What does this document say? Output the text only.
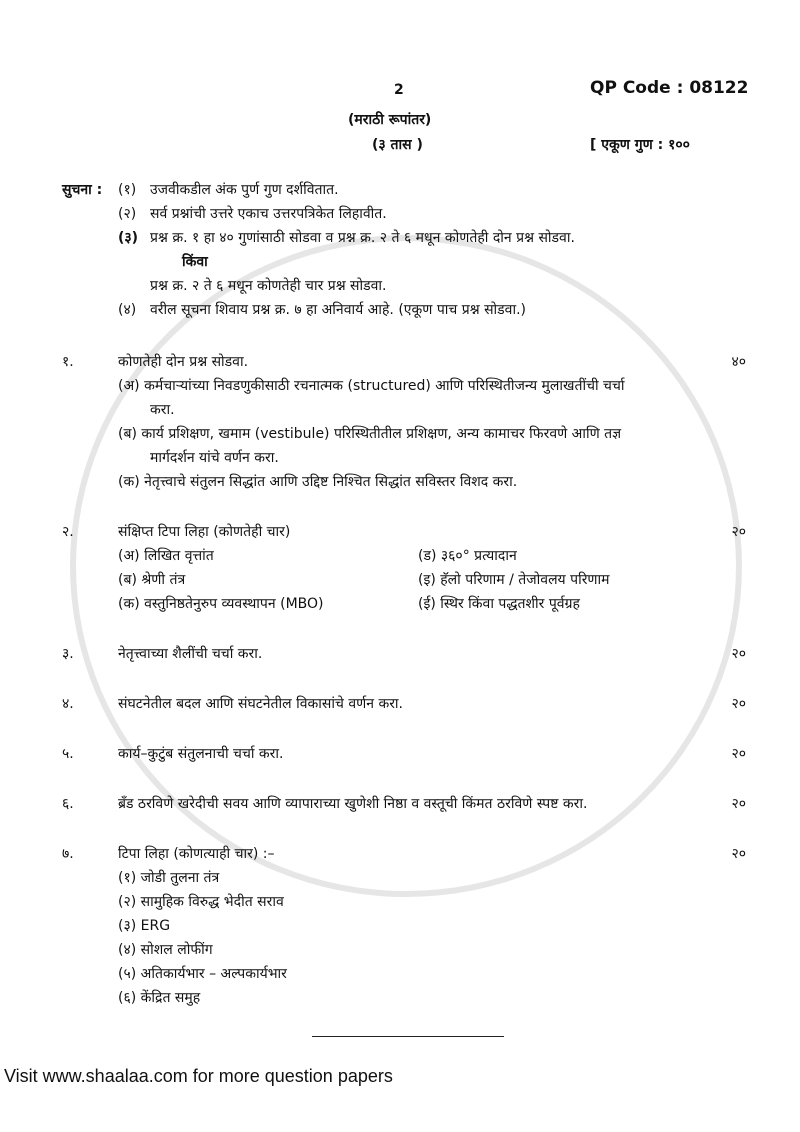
2	QP Code : 08122
(मराठी रूपांतर)
(३ तास )	[ एकूण गुण : १००
सुचना :	(१) उजवीकडील अंक पुर्ण गुण दर्शवितात.
(२) सर्व प्रश्नांची उत्तरे एकाच उत्तरपत्रिकेत लिहावीत.
(३) प्रश्न क्र. १ हा ४० गुणांसाठी सोडवा व प्रश्न क्र. २ ते ६ मधून कोणतेही दोन प्रश्न सोडवा.
किंवा
प्रश्न क्र. २ ते ६ मधून कोणतेही चार प्रश्न सोडवा.
(४) वरील सूचना शिवाय प्रश्न क्र. ७ हा अनिवार्य आहे. (एकूण पाच प्रश्न सोडवा.)
१.	कोणतेही दोन प्रश्न सोडवा.	४०
(अ) कर्मचाऱ्यांच्या निवडणुकीसाठी रचनात्मक (structured) आणि परिस्थितीजन्य मुलाखतींची चर्चा
करा.
(ब) कार्य प्रशिक्षण, खमाम (vestibule) परिस्थितीतील प्रशिक्षण, अन्य कामाचर फिरवणे आणि तज्ञ
मार्गदर्शन यांचे वर्णन करा.
(क) नेतृत्त्वाचे संतुलन सिद्धांत आणि उद्दिष्ट निश्चित सिद्धांत सविस्तर विशद करा.
२.	संक्षिप्त टिपा लिहा (कोणतेही चार)	२०
(अ) लिखित वृत्तांत	(ड) ३६०° प्रत्यादान
(ब) श्रेणी तंत्र	(इ) हॅलो परिणाम / तेजोवलय परिणाम
(क) वस्तुनिष्ठतेनुरुप व्यवस्थापन (MBO)	(ई) स्थिर किंवा पद्धतशीर पूर्वग्रह
३.	नेतृत्त्वाच्या शैलींची चर्चा करा.	२०
४.	संघटनेतील बदल आणि संघटनेतील विकासांचे वर्णन करा.	२०
५.	कार्य–कुटुंब संतुलनाची चर्चा करा.	२०
६.	ब्रँड ठरविणे खरेदीची सवय आणि व्यापाराच्या खुणेशी निष्ठा व वस्तूची किंमत ठरविणे स्पष्ट करा.	२०
७.	टिपा लिहा (कोणत्याही चार) :–	२०
(१) जोडी तुलना तंत्र
(२) सामुहिक विरुद्ध भेदीत सराव
(३) ERG
(४) सोशल लोफींग
(५) अतिकार्यभार – अल्पकार्यभार
(६) केंद्रित समुह
Visit www.shaalaa.com for more question papers
